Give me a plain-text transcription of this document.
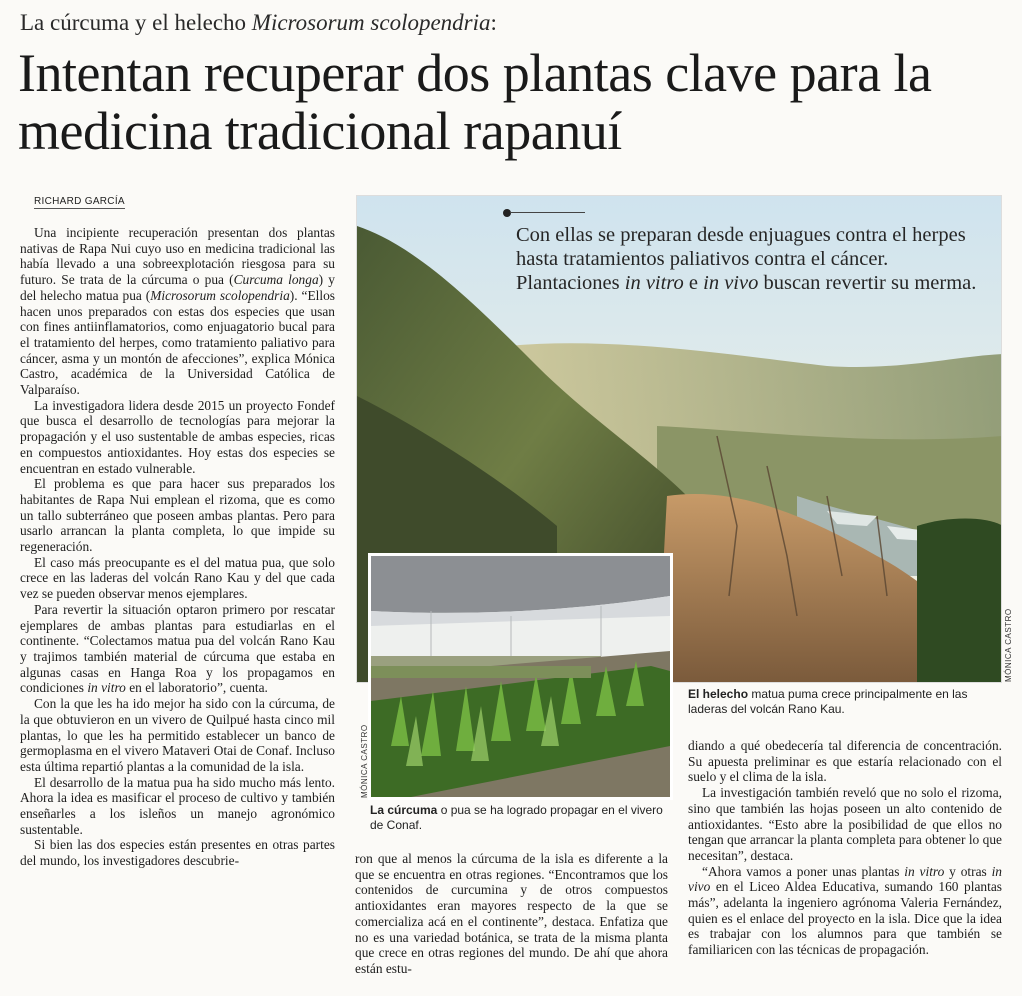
La cúrcuma y el helecho Microsorum scolopendria:
Intentan recuperar dos plantas clave para la medicina tradicional rapanuí
RICHARD GARCÍA

Una incipiente recuperación presentan dos plantas nativas de Rapa Nui cuyo uso en medicina tradicional las había llevado a una sobreexplotación riesgosa para su futuro. Se trata de la cúrcuma o pua (Curcuma longa) y del helecho matua pua (Microsorum scolopendria). “Ellos hacen unos preparados con estas dos especies que usan con fines antiinflamatorios, como enjuagatorio bucal para el tratamiento del herpes, como tratamiento paliativo para cáncer, asma y un montón de afecciones”, explica Mónica Castro, académica de la Universidad Católica de Valparaíso.

La investigadora lidera desde 2015 un proyecto Fondef que busca el desarrollo de tecnologías para mejorar la propagación y el uso sustentable de ambas especies, ricas en compuestos antioxidantes. Hoy estas dos especies se encuentran en estado vulnerable.

El problema es que para hacer sus preparados los habitantes de Rapa Nui emplean el rizoma, que es como un tallo subterráneo que poseen ambas plantas. Pero para usarlo arrancan la planta completa, lo que impide su regeneración.

El caso más preocupante es el del matua pua, que solo crece en las laderas del volcán Rano Kau y del que cada vez se pueden observar menos ejemplares.

Para revertir la situación optaron primero por rescatar ejemplares de ambas plantas para estudiarlas en el continente. “Colectamos matua pua del volcán Rano Kau y trajimos también material de cúrcuma que estaba en algunas casas en Hanga Roa y los propagamos en condiciones in vitro en el laboratorio”, cuenta.

Con la que les ha ido mejor ha sido con la cúrcuma, de la que obtuvieron en un vivero de Quilpué hasta cinco mil plantas, lo que les ha permitido establecer un banco de germoplasma en el vivero Mataveri Otai de Conaf. Incluso esta última repartió plantas a la comunidad de la isla.

El desarrollo de la matua pua ha sido mucho más lento. Ahora la idea es masificar el proceso de cultivo y también enseñarles a los isleños un manejo agronómico sustentable.

Si bien las dos especies están presentes en otras partes del mundo, los investigadores descubrie-

Con ellas se preparan desde enjuagues contra el herpes hasta tratamientos paliativos contra el cáncer. Plantaciones in vitro e in vivo buscan revertir su merma.
MÓNICA CASTRO
MÓNICA CASTRO
El helecho matua puma crece principalmente en las laderas del volcán Rano Kau.
La cúrcuma o pua se ha logrado propagar en el vivero de Conaf.

ron que al menos la cúrcuma de la isla es diferente a la que se encuentra en otras regiones. “Encontramos que los contenidos de curcumina y de otros compuestos antioxidantes eran mayores respecto de la que se comercializa acá en el continente”, destaca. Enfatiza que no es una variedad botánica, se trata de la misma planta que crece en otras regiones del mundo. De ahí que ahora están estu-

diando a qué obedecería tal diferencia de concentración. Su apuesta preliminar es que estaría relacionado con el suelo y el clima de la isla.

La investigación también reveló que no solo el rizoma, sino que también las hojas poseen un alto contenido de antioxidantes. “Esto abre la posibilidad de que ellos no tengan que arrancar la planta completa para obtener lo que necesitan”, destaca.

“Ahora vamos a poner unas plantas in vitro y otras in vivo en el Liceo Aldea Educativa, sumando 160 plantas más”, adelanta la ingeniero agrónoma Valeria Fernández, quien es el enlace del proyecto en la isla. Dice que la idea es trabajar con los alumnos para que también se familiaricen con las técnicas de propagación.
